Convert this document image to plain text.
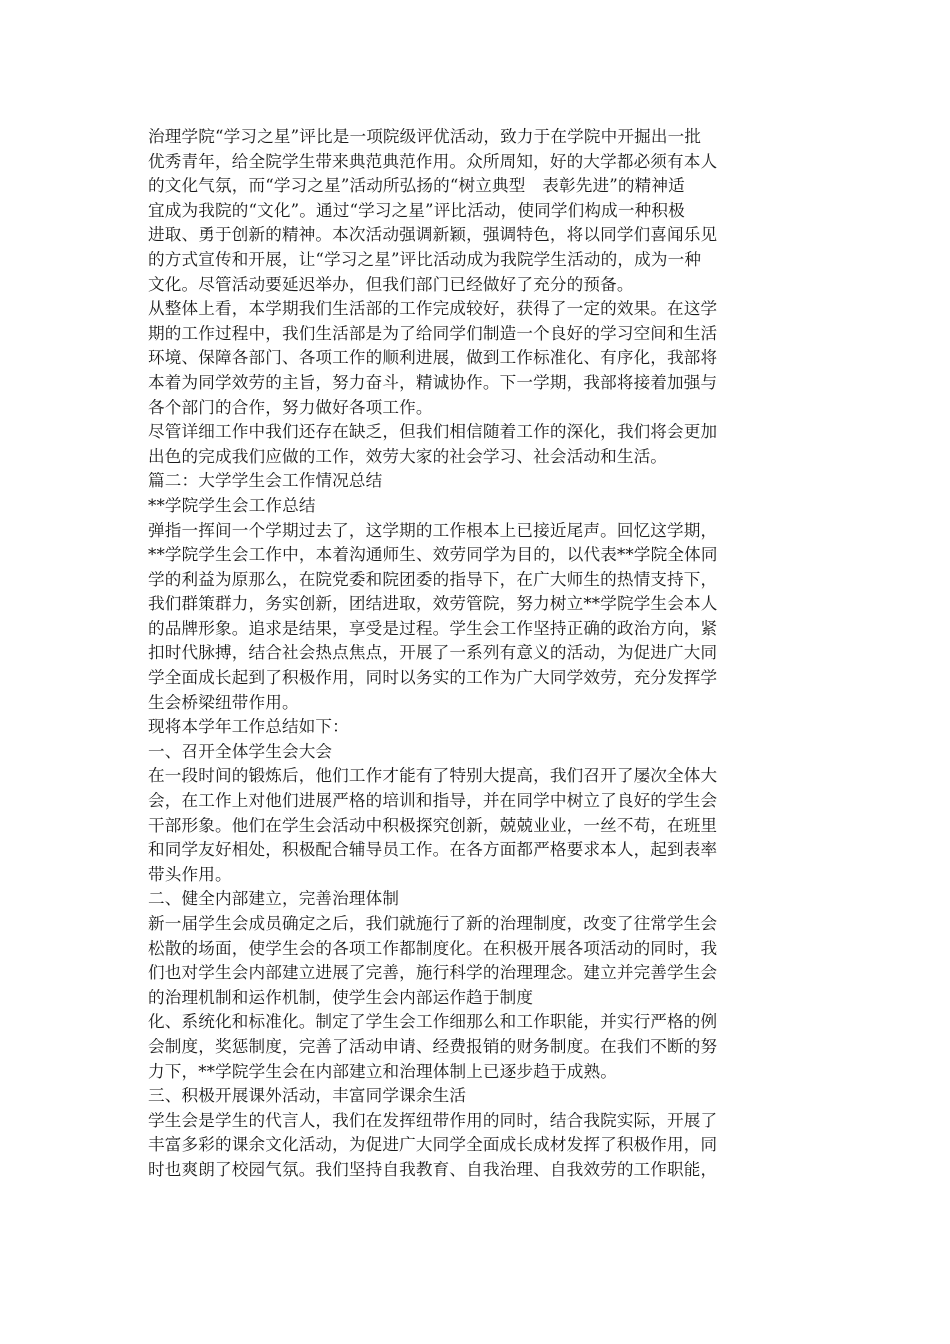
治理学院“学习之星”评比是一项院级评优活动，致力于在学院中开掘出一批
优秀青年，给全院学生带来典范典范作用。众所周知，好的大学都必须有本人
的文化气氛，而“学习之星”活动所弘扬的“树立典型　表彰先进”的精神适
宜成为我院的“文化”。通过“学习之星”评比活动，使同学们构成一种积极
进取、勇于创新的精神。本次活动强调新颖，强调特色，将以同学们喜闻乐见
的方式宣传和开展，让“学习之星”评比活动成为我院学生活动的，成为一种
文化。尽管活动要延迟举办，但我们部门已经做好了充分的预备。

从整体上看，本学期我们生活部的工作完成较好，获得了一定的效果。在这学
期的工作过程中，我们生活部是为了给同学们制造一个良好的学习空间和生活
环境、保障各部门、各项工作的顺利进展，做到工作标准化、有序化，我部将
本着为同学效劳的主旨，努力奋斗，精诚协作。下一学期，我部将接着加强与
各个部门的合作，努力做好各项工作。

尽管详细工作中我们还存在缺乏，但我们相信随着工作的深化，我们将会更加
出色的完成我们应做的工作，效劳大家的社会学习、社会活动和生活。

篇二：大学学生会工作情况总结

**学院学生会工作总结

弹指一挥间一个学期过去了，这学期的工作根本上已接近尾声。回忆这学期，
**学院学生会工作中，本着沟通师生、效劳同学为目的，以代表**学院全体同
学的利益为原那么，在院党委和院团委的指导下，在广大师生的热情支持下，
我们群策群力，务实创新，团结进取，效劳管院，努力树立**学院学生会本人
的品牌形象。追求是结果，享受是过程。学生会工作坚持正确的政治方向，紧
扣时代脉搏，结合社会热点焦点，开展了一系列有意义的活动，为促进广大同
学全面成长起到了积极作用，同时以务实的工作为广大同学效劳，充分发挥学
生会桥梁纽带作用。

现将本学年工作总结如下：

一、召开全体学生会大会

在一段时间的锻炼后，他们工作才能有了特别大提高，我们召开了屡次全体大
会，在工作上对他们进展严格的培训和指导，并在同学中树立了良好的学生会
干部形象。他们在学生会活动中积极探究创新，兢兢业业，一丝不苟，在班里
和同学友好相处，积极配合辅导员工作。在各方面都严格要求本人，起到表率
带头作用。

二、健全内部建立，完善治理体制

新一届学生会成员确定之后，我们就施行了新的治理制度，改变了往常学生会
松散的场面，使学生会的各项工作都制度化。在积极开展各项活动的同时，我
们也对学生会内部建立进展了完善，施行科学的治理理念。建立并完善学生会
的治理机制和运作机制，使学生会内部运作趋于制度

化、系统化和标准化。制定了学生会工作细那么和工作职能，并实行严格的例
会制度，奖惩制度，完善了活动申请、经费报销的财务制度。在我们不断的努
力下，**学院学生会在内部建立和治理体制上已逐步趋于成熟。

三、积极开展课外活动，丰富同学课余生活

学生会是学生的代言人，我们在发挥纽带作用的同时，结合我院实际，开展了
丰富多彩的课余文化活动，为促进广大同学全面成长成材发挥了积极作用，同
时也爽朗了校园气氛。我们坚持自我教育、自我治理、自我效劳的工作职能，
